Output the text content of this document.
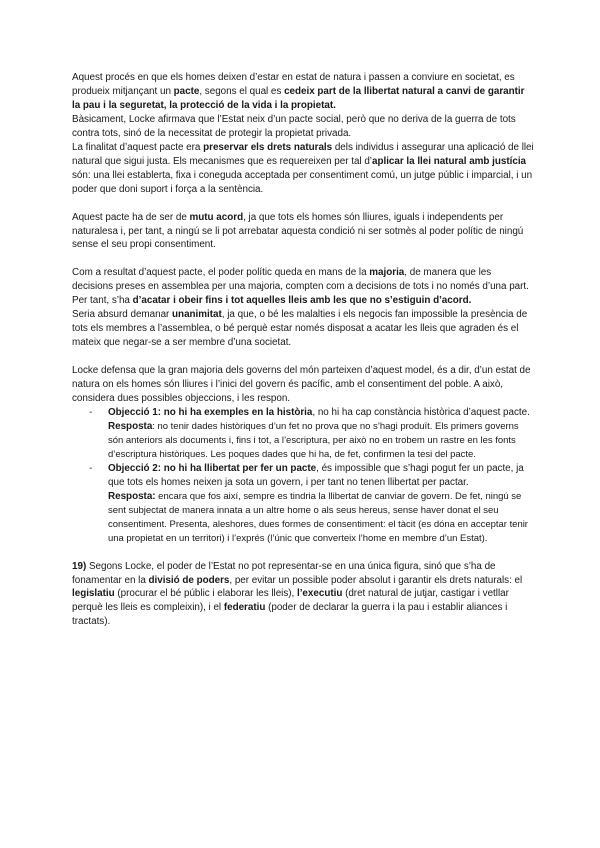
Aquest procés en que els homes deixen d’estar en estat de natura i passen a conviure en societat, es produeix mitjançant un pacte, segons el qual es cedeix part de la llibertat natural a canvi de garantir la pau i la seguretat, la protecció de la vida i la propietat.
Bàsicament, Locke afirmava que l’Estat neix d’un pacte social, però que no deriva de la guerra de tots contra tots, sinó de la necessitat de protegir la propietat privada.

La finalitat d’aquest pacte era preservar els drets naturals dels individus i assegurar una aplicació de llei natural que sigui justa. Els mecanismes que es requereixen per tal d’aplicar la llei natural amb justícia són: una llei establerta, fixa i coneguda acceptada per consentiment comú, un jutge públic i imparcial, i un poder que doni suport i força a la sentència.

Aquest pacte ha de ser de mutu acord, ja que tots els homes són lliures, iguals i independents per naturalesa i, per tant, a ningú se li pot arrebatar aquesta condició ni ser sotmès al poder polític de ningú sense el seu propi consentiment.

Com a resultat d’aquest pacte, el poder polític queda en mans de la majoria, de manera que les decisions preses en assemblea per una majoria, compten com a decisions de tots i no només d’una part. Per tant, s’ha d’acatar i obeir fins i tot aquelles lleis amb les que no s’estiguin d’acord.
Seria absurd demanar unanimitat, ja que, o bé les malalties i els negocis fan impossible la presència de tots els membres a l’assemblea, o bé perquè estar només disposat a acatar les lleis que agraden és el mateix que negar-se a ser membre d’una societat.

Locke defensa que la gran majoria dels governs del món parteixen d’aquest model, és a dir, d’un estat de natura on els homes són lliures i l’inici del govern és pacífic, amb el consentiment del poble. A això, considera dues possibles objeccions, i les respon.

- Objecció 1: no hi ha exemples en la història, no hi ha cap constància històrica d’aquest pacte.
Resposta: no tenir dades històriques d’un fet no prova que no s’hagi produït. Els primers governs són anteriors als documents i, fins i tot, a l’escriptura, per això no en trobem un rastre en les fonts d’escriptura històriques. Les poques dades que hi ha, de fet, confirmen la tesi del pacte.
- Objecció 2: no hi ha llibertat per fer un pacte, és impossible que s’hagi pogut fer un pacte, ja que tots els homes neixen ja sota un govern, i per tant no tenen llibertat per pactar.
Resposta: encara que fos així, sempre es tindria la llibertat de canviar de govern. De fet, ningú se sent subjectat de manera innata a un altre home o als seus hereus, sense haver donat el seu consentiment. Presenta, aleshores, dues formes de consentiment: el tàcit (es dóna en acceptar tenir una propietat en un territori) i l’exprés (l’únic que converteix l’home en membre d’un Estat).

19) Segons Locke, el poder de l’Estat no pot representar-se en una única figura, sinó que s’ha de fonamentar en la divisió de poders, per evitar un possible poder absolut i garantir els drets naturals: el legislatiu (procurar el bé públic i elaborar les lleis), l’executiu (dret natural de jutjar, castigar i vetllar perquè les lleis es compleixin), i el federatiu (poder de declarar la guerra i la pau i establir aliances i tractats).
